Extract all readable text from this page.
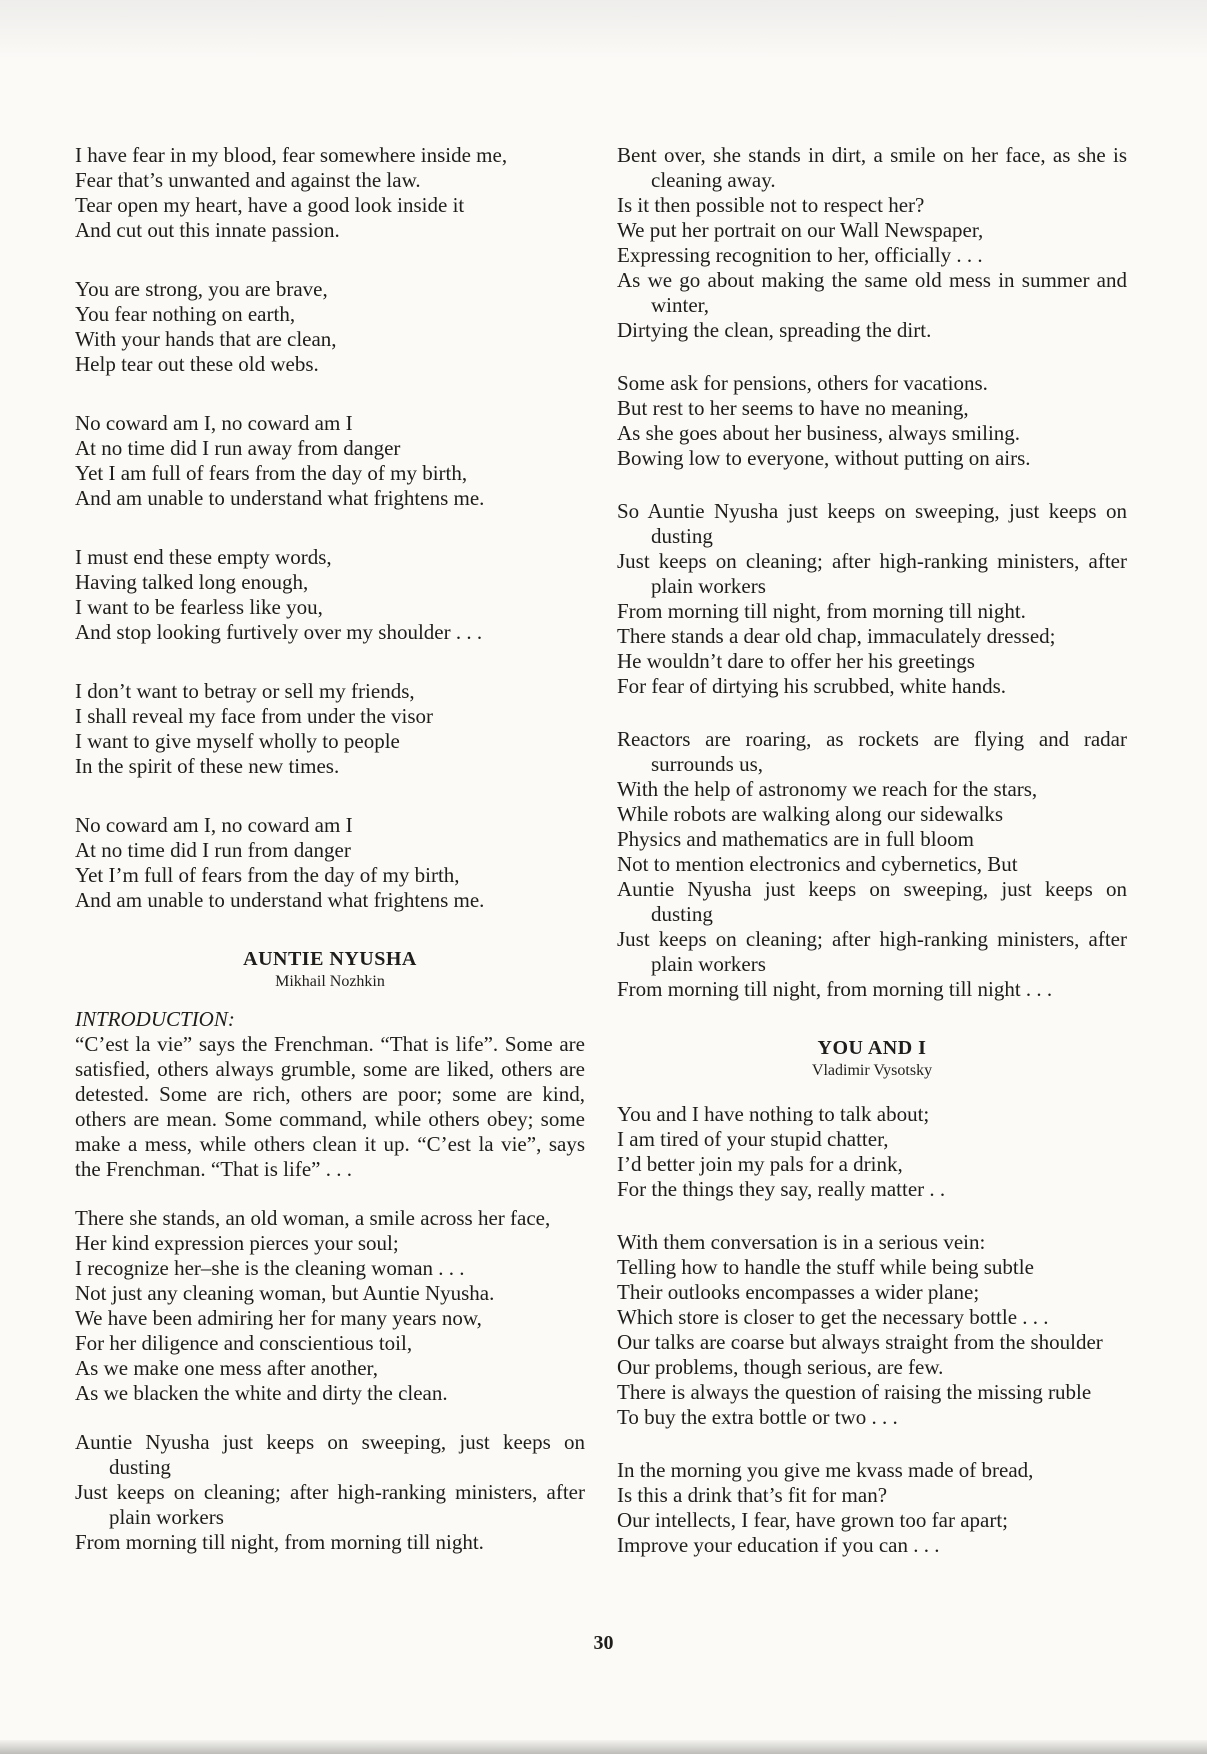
I have fear in my blood, fear somewhere inside me,
Fear that’s unwanted and against the law.
Tear open my heart, have a good look inside it
And cut out this innate passion.
You are strong, you are brave,
You fear nothing on earth,
With your hands that are clean,
Help tear out these old webs.
No coward am I, no coward am I
At no time did I run away from danger
Yet I am full of fears from the day of my birth,
And am unable to understand what frightens me.
I must end these empty words,
Having talked long enough,
I want to be fearless like you,
And stop looking furtively over my shoulder . . .
I don’t want to betray or sell my friends,
I shall reveal my face from under the visor
I want to give myself wholly to people
In the spirit of these new times.
No coward am I, no coward am I
At no time did I run from danger
Yet I’m full of fears from the day of my birth,
And am unable to understand what frightens me.
AUNTIE NYUSHA
Mikhail Nozhkin
INTRODUCTION:
“C’est la vie” says the Frenchman. “That is life”. Some are satisfied, others always grumble, some are liked, others are detested. Some are rich, others are poor; some are kind, others are mean. Some command, while others obey; some make a mess, while others clean it up. “C’est la vie”, says the Frenchman. “That is life” . . .
There she stands, an old woman, a smile across her face,
Her kind expression pierces your soul;
I recognize her–she is the cleaning woman . . .
Not just any cleaning woman, but Auntie Nyusha.
We have been admiring her for many years now,
For her diligence and conscientious toil,
As we make one mess after another,
As we blacken the white and dirty the clean.
Auntie Nyusha just keeps on sweeping, just keeps on dusting
Just keeps on cleaning; after high-ranking ministers, after plain workers
From morning till night, from morning till night.
Bent over, she stands in dirt, a smile on her face, as she is cleaning away.
Is it then possible not to respect her?
We put her portrait on our Wall Newspaper,
Expressing recognition to her, officially . . .
As we go about making the same old mess in summer and winter,
Dirtying the clean, spreading the dirt.
Some ask for pensions, others for vacations.
But rest to her seems to have no meaning,
As she goes about her business, always smiling.
Bowing low to everyone, without putting on airs.
So Auntie Nyusha just keeps on sweeping, just keeps on dusting
Just keeps on cleaning; after high-ranking ministers, after plain workers
From morning till night, from morning till night.
There stands a dear old chap, immaculately dressed;
He wouldn’t dare to offer her his greetings
For fear of dirtying his scrubbed, white hands.
Reactors are roaring, as rockets are flying and radar surrounds us,
With the help of astronomy we reach for the stars,
While robots are walking along our sidewalks
Physics and mathematics are in full bloom
Not to mention electronics and cybernetics, But
Auntie Nyusha just keeps on sweeping, just keeps on dusting
Just keeps on cleaning; after high-ranking ministers, after plain workers
From morning till night, from morning till night . . .
YOU AND I
Vladimir Vysotsky
You and I have nothing to talk about;
I am tired of your stupid chatter,
I’d better join my pals for a drink,
For the things they say, really matter . .
With them conversation is in a serious vein:
Telling how to handle the stuff while being subtle
Their outlooks encompasses a wider plane;
Which store is closer to get the necessary bottle . . .
Our talks are coarse but always straight from the shoulder
Our problems, though serious, are few.
There is always the question of raising the missing ruble
To buy the extra bottle or two . . .
In the morning you give me kvass made of bread,
Is this a drink that’s fit for man?
Our intellects, I fear, have grown too far apart;
Improve your education if you can . . .
30
